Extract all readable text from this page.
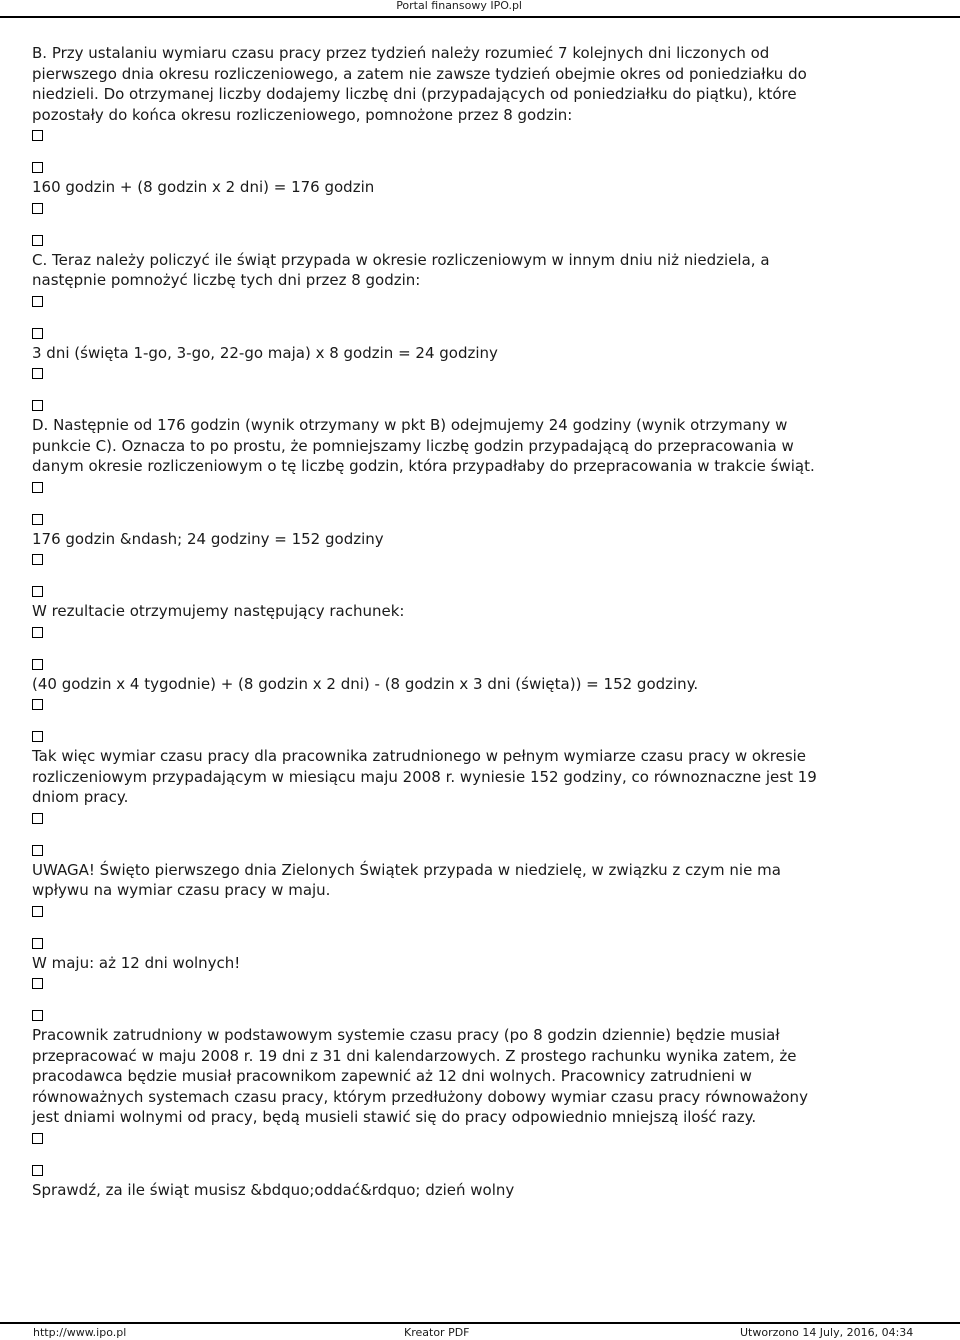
Portal finansowy IPO.pl
B. Przy ustalaniu wymiaru czasu pracy przez tydzień należy rozumieć 7 kolejnych dni liczonych od
pierwszego dnia okresu rozliczeniowego, a zatem nie zawsze tydzień obejmie okres od poniedziałku do
niedzieli. Do otrzymanej liczby dodajemy liczbę dni (przypadających od poniedziałku do piątku), które
pozostały do końca okresu rozliczeniowego, pomnożone przez 8 godzin:
160 godzin + (8 godzin x 2 dni) = 176 godzin
C. Teraz należy policzyć ile świąt przypada w okresie rozliczeniowym w innym dniu niż niedziela, a
następnie pomnożyć liczbę tych dni przez 8 godzin:
3 dni (święta 1-go, 3-go, 22-go maja) x 8 godzin = 24 godziny
D. Następnie od 176 godzin (wynik otrzymany w pkt B) odejmujemy 24 godziny (wynik otrzymany w
punkcie C). Oznacza to po prostu, że pomniejszamy liczbę godzin przypadającą do przepracowania w
danym okresie rozliczeniowym o tę liczbę godzin, która przypadłaby do przepracowania w trakcie świąt.
176 godzin &ndash; 24 godziny = 152 godziny
W rezultacie otrzymujemy następujący rachunek:
(40 godzin x 4 tygodnie) + (8 godzin x 2 dni) - (8 godzin x 3 dni (święta)) = 152 godziny.
Tak więc wymiar czasu pracy dla pracownika zatrudnionego w pełnym wymiarze czasu pracy w okresie
rozliczeniowym przypadającym w miesiącu maju 2008 r. wyniesie 152 godziny, co równoznaczne jest 19
dniom pracy.
UWAGA! Święto pierwszego dnia Zielonych Świątek przypada w niedzielę, w związku z czym nie ma
wpływu na wymiar czasu pracy w maju.
W maju: aż 12 dni wolnych!
Pracownik zatrudniony w podstawowym systemie czasu pracy (po 8 godzin dziennie) będzie musiał
przepracować w maju 2008 r. 19 dni z 31 dni kalendarzowych. Z prostego rachunku wynika zatem, że
pracodawca będzie musiał pracownikom zapewnić aż 12 dni wolnych. Pracownicy zatrudnieni w
równoważnych systemach czasu pracy, którym przedłużony dobowy wymiar czasu pracy równoważony
jest dniami wolnymi od pracy, będą musieli stawić się do pracy odpowiednio mniejszą ilość razy.
Sprawdź, za ile świąt musisz &bdquo;oddać&rdquo; dzień wolny
http://www.ipo.pl	Kreator PDF	Utworzono 14 July, 2016, 04:34
